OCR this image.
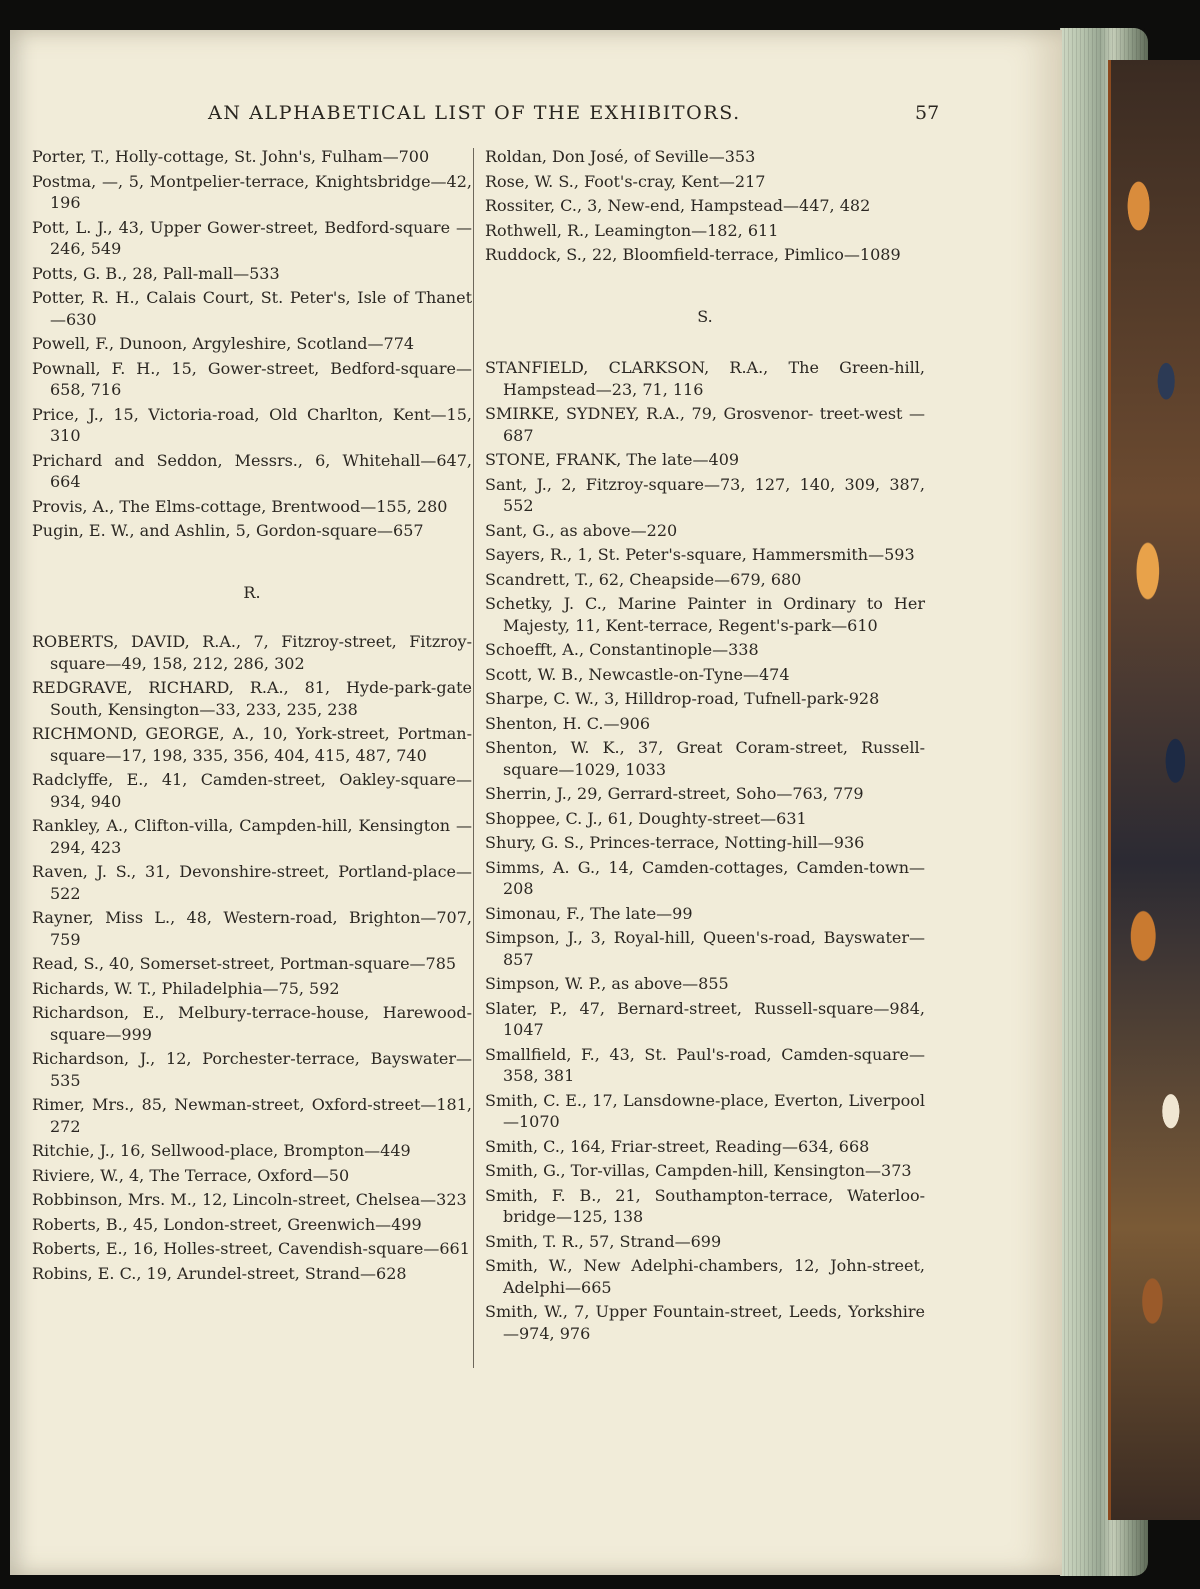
AN ALPHABETICAL LIST OF THE EXHIBITORS.	57

Porter, T., Holly-cottage, St. John's, Fulham—700

Postma, —, 5, Montpelier-terrace, Knightsbridge—42, 196

Pott, L. J., 43, Upper Gower-street, Bedford-square —246, 549

Potts, G. B., 28, Pall-mall—533

Potter, R. H., Calais Court, St. Peter's, Isle of Thanet —630

Powell, F., Dunoon, Argyleshire, Scotland—774

Pownall, F. H., 15, Gower-street, Bedford-square—658, 716

Price, J., 15, Victoria-road, Old Charlton, Kent—15, 310

Prichard and Seddon, Messrs., 6, Whitehall—647, 664

Provis, A., The Elms-cottage, Brentwood—155, 280

Pugin, E. W., and Ashlin, 5, Gordon-square—657

R.

ROBERTS, DAVID, R.A., 7, Fitzroy-street, Fitzroy-square—49, 158, 212, 286, 302

REDGRAVE, RICHARD, R.A., 81, Hyde-park-gate South, Kensington—33, 233, 235, 238

RICHMOND, GEORGE, A., 10, York-street, Portman-square—17, 198, 335, 356, 404, 415, 487, 740

Radclyffe, E., 41, Camden-street, Oakley-square—934, 940

Rankley, A., Clifton-villa, Campden-hill, Kensington —294, 423

Raven, J. S., 31, Devonshire-street, Portland-place—522

Rayner, Miss L., 48, Western-road, Brighton—707, 759

Read, S., 40, Somerset-street, Portman-square—785

Richards, W. T., Philadelphia—75, 592

Richardson, E., Melbury-terrace-house, Harewood-square—999

Richardson, J., 12, Porchester-terrace, Bayswater—535

Rimer, Mrs., 85, Newman-street, Oxford-street—181, 272

Ritchie, J., 16, Sellwood-place, Brompton—449

Riviere, W., 4, The Terrace, Oxford—50

Robbinson, Mrs. M., 12, Lincoln-street, Chelsea—323

Roberts, B., 45, London-street, Greenwich—499

Roberts, E., 16, Holles-street, Cavendish-square—661

Robins, E. C., 19, Arundel-street, Strand—628

Roldan, Don José, of Seville—353

Rose, W. S., Foot's-cray, Kent—217

Rossiter, C., 3, New-end, Hampstead—447, 482

Rothwell, R., Leamington—182, 611

Ruddock, S., 22, Bloomfield-terrace, Pimlico—1089

S.

STANFIELD, CLARKSON, R.A., The Green-hill, Hampstead—23, 71, 116

SMIRKE, SYDNEY, R.A., 79, Grosvenor- treet-west —687

STONE, FRANK, The late—409

Sant, J., 2, Fitzroy-square—73, 127, 140, 309, 387, 552

Sant, G., as above—220

Sayers, R., 1, St. Peter's-square, Hammersmith—593

Scandrett, T., 62, Cheapside—679, 680

Schetky, J. C., Marine Painter in Ordinary to Her Majesty, 11, Kent-terrace, Regent's-park—610

Schoefft, A., Constantinople—338

Scott, W. B., Newcastle-on-Tyne—474

Sharpe, C. W., 3, Hilldrop-road, Tufnell-park-928

Shenton, H. C.—906

Shenton, W. K., 37, Great Coram-street, Russell-square—1029, 1033

Sherrin, J., 29, Gerrard-street, Soho—763, 779

Shoppee, C. J., 61, Doughty-street—631

Shury, G. S., Princes-terrace, Notting-hill—936

Simms, A. G., 14, Camden-cottages, Camden-town—208

Simonau, F., The late—99

Simpson, J., 3, Royal-hill, Queen's-road, Bayswater—857

Simpson, W. P., as above—855

Slater, P., 47, Bernard-street, Russell-square—984, 1047

Smallfield, F., 43, St. Paul's-road, Camden-square—358, 381

Smith, C. E., 17, Lansdowne-place, Everton, Liverpool—1070

Smith, C., 164, Friar-street, Reading—634, 668

Smith, G., Tor-villas, Campden-hill, Kensington—373

Smith, F. B., 21, Southampton-terrace, Waterloo-bridge—125, 138

Smith, T. R., 57, Strand—699

Smith, W., New Adelphi-chambers, 12, John-street, Adelphi—665

Smith, W., 7, Upper Fountain-street, Leeds, Yorkshire—974, 976
